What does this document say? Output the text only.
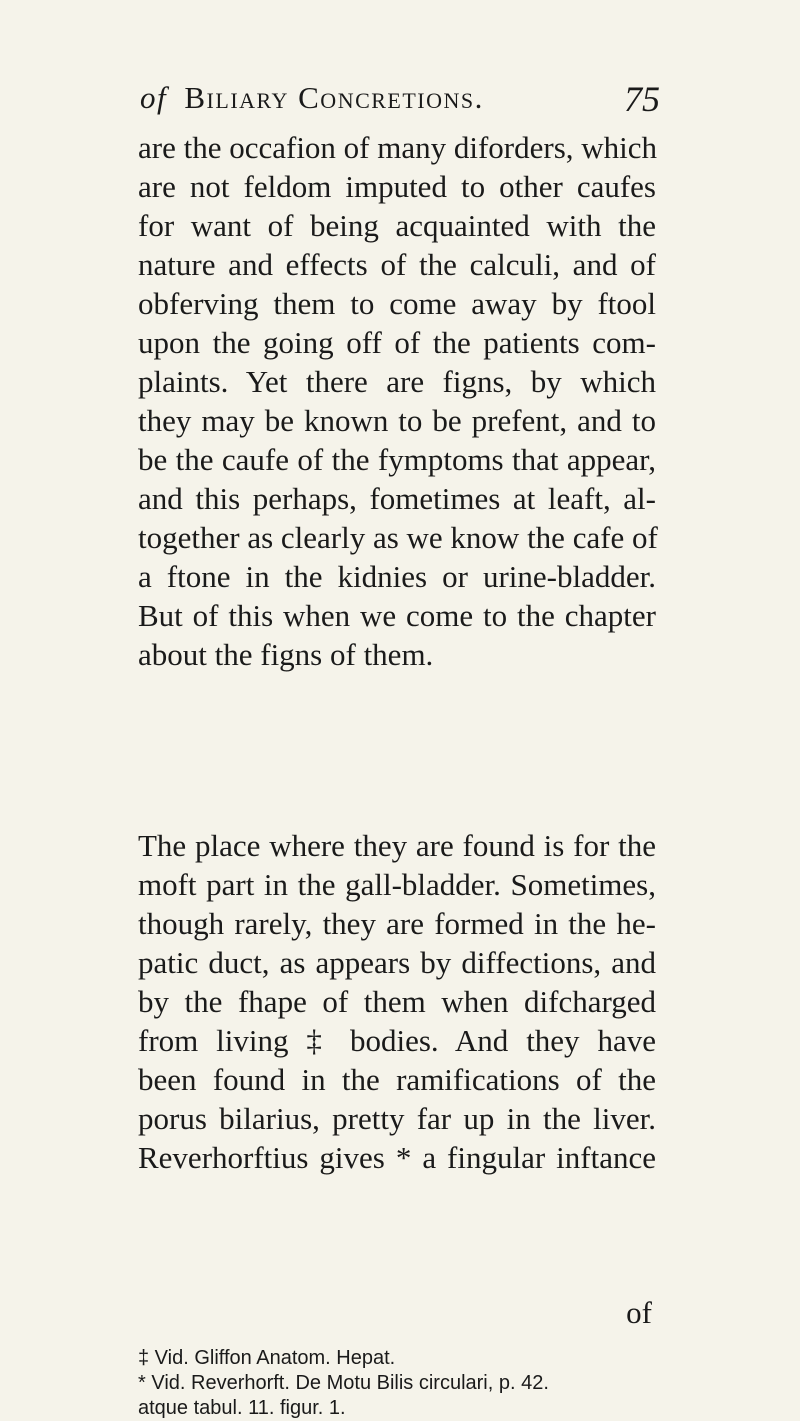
of Biliary Concretions.	75
are the occafion of many diforders, which
are not feldom imputed to other caufes
for want of being acquainted with the
nature and effects of the calculi, and of
obferving them to come away by ftool
upon the going off of the patients com-
plaints. Yet there are figns, by which
they may be known to be prefent, and to
be the caufe of the fymptoms that appear,
and this perhaps, fometimes at leaft, al-
together as clearly as we know the cafe of
a ftone in the kidnies or urine-bladder.
But of this when we come to the chapter
about the figns of them.
The place where they are found is for the
moft part in the gall-bladder. Sometimes,
though rarely, they are formed in the he-
patic duct, as appears by diffections, and
by the fhape of them when difcharged
from living ‡ bodies. And they have
been found in the ramifications of the
porus bilarius, pretty far up in the liver.
Reverhorftius gives * a fingular inftance
of
‡ Vid. Gliffon Anatom. Hepat.
* Vid. Reverhorft. De Motu Bilis circulari, p. 42.
atque tabul. 11. figur. 1.
